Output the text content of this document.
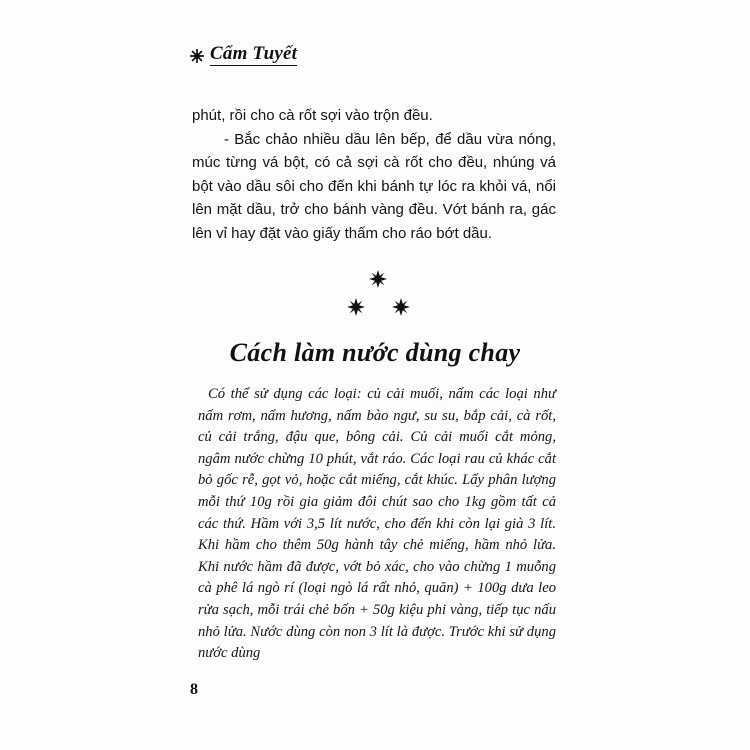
Cẩm Tuyết

phút, rồi cho cà rốt sợi vào trộn đều.

- Bắc chảo nhiều dầu lên bếp, để dầu vừa nóng, múc từng vá bột, có cả sợi cà rốt cho đều, nhúng vá bột vào dầu sôi cho đến khi bánh tự lóc ra khỏi vá, nổi lên mặt dầu, trở cho bánh vàng đều. Vớt bánh ra, gác lên vỉ hay đặt vào giấy thấm cho ráo bớt dầu.

Cách làm nước dùng chay

Có thể sử dụng các loại: củ cải muối, nấm các loại như nấm rơm, nấm hương, nấm bào ngư, su su, bắp cải, cà rốt, củ cải trắng, đậu que, bông cải. Củ cải muối cắt mỏng, ngâm nước chừng 10 phút, vắt ráo. Các loại rau củ khác cắt bỏ gốc rễ, gọt vỏ, hoặc cắt miếng, cắt khúc. Lấy phân lượng mỗi thứ 10g rồi gia giảm đôi chút sao cho 1kg gồm tất cả các thứ. Hầm với 3,5 lít nước, cho đến khi còn lại già 3 lít. Khi hầm cho thêm 50g hành tây chẻ miếng, hầm nhỏ lửa. Khi nước hầm đã được, vớt bỏ xác, cho vào chừng 1 muỗng cà phê lá ngò rí (loại ngò lá rất nhỏ, quăn) + 100g dưa leo rửa sạch, mỗi trái chẻ bốn + 50g kiệu phi vàng, tiếp tục nấu nhỏ lửa. Nước dùng còn non 3 lít là được. Trước khi sử dụng nước dùng

8
